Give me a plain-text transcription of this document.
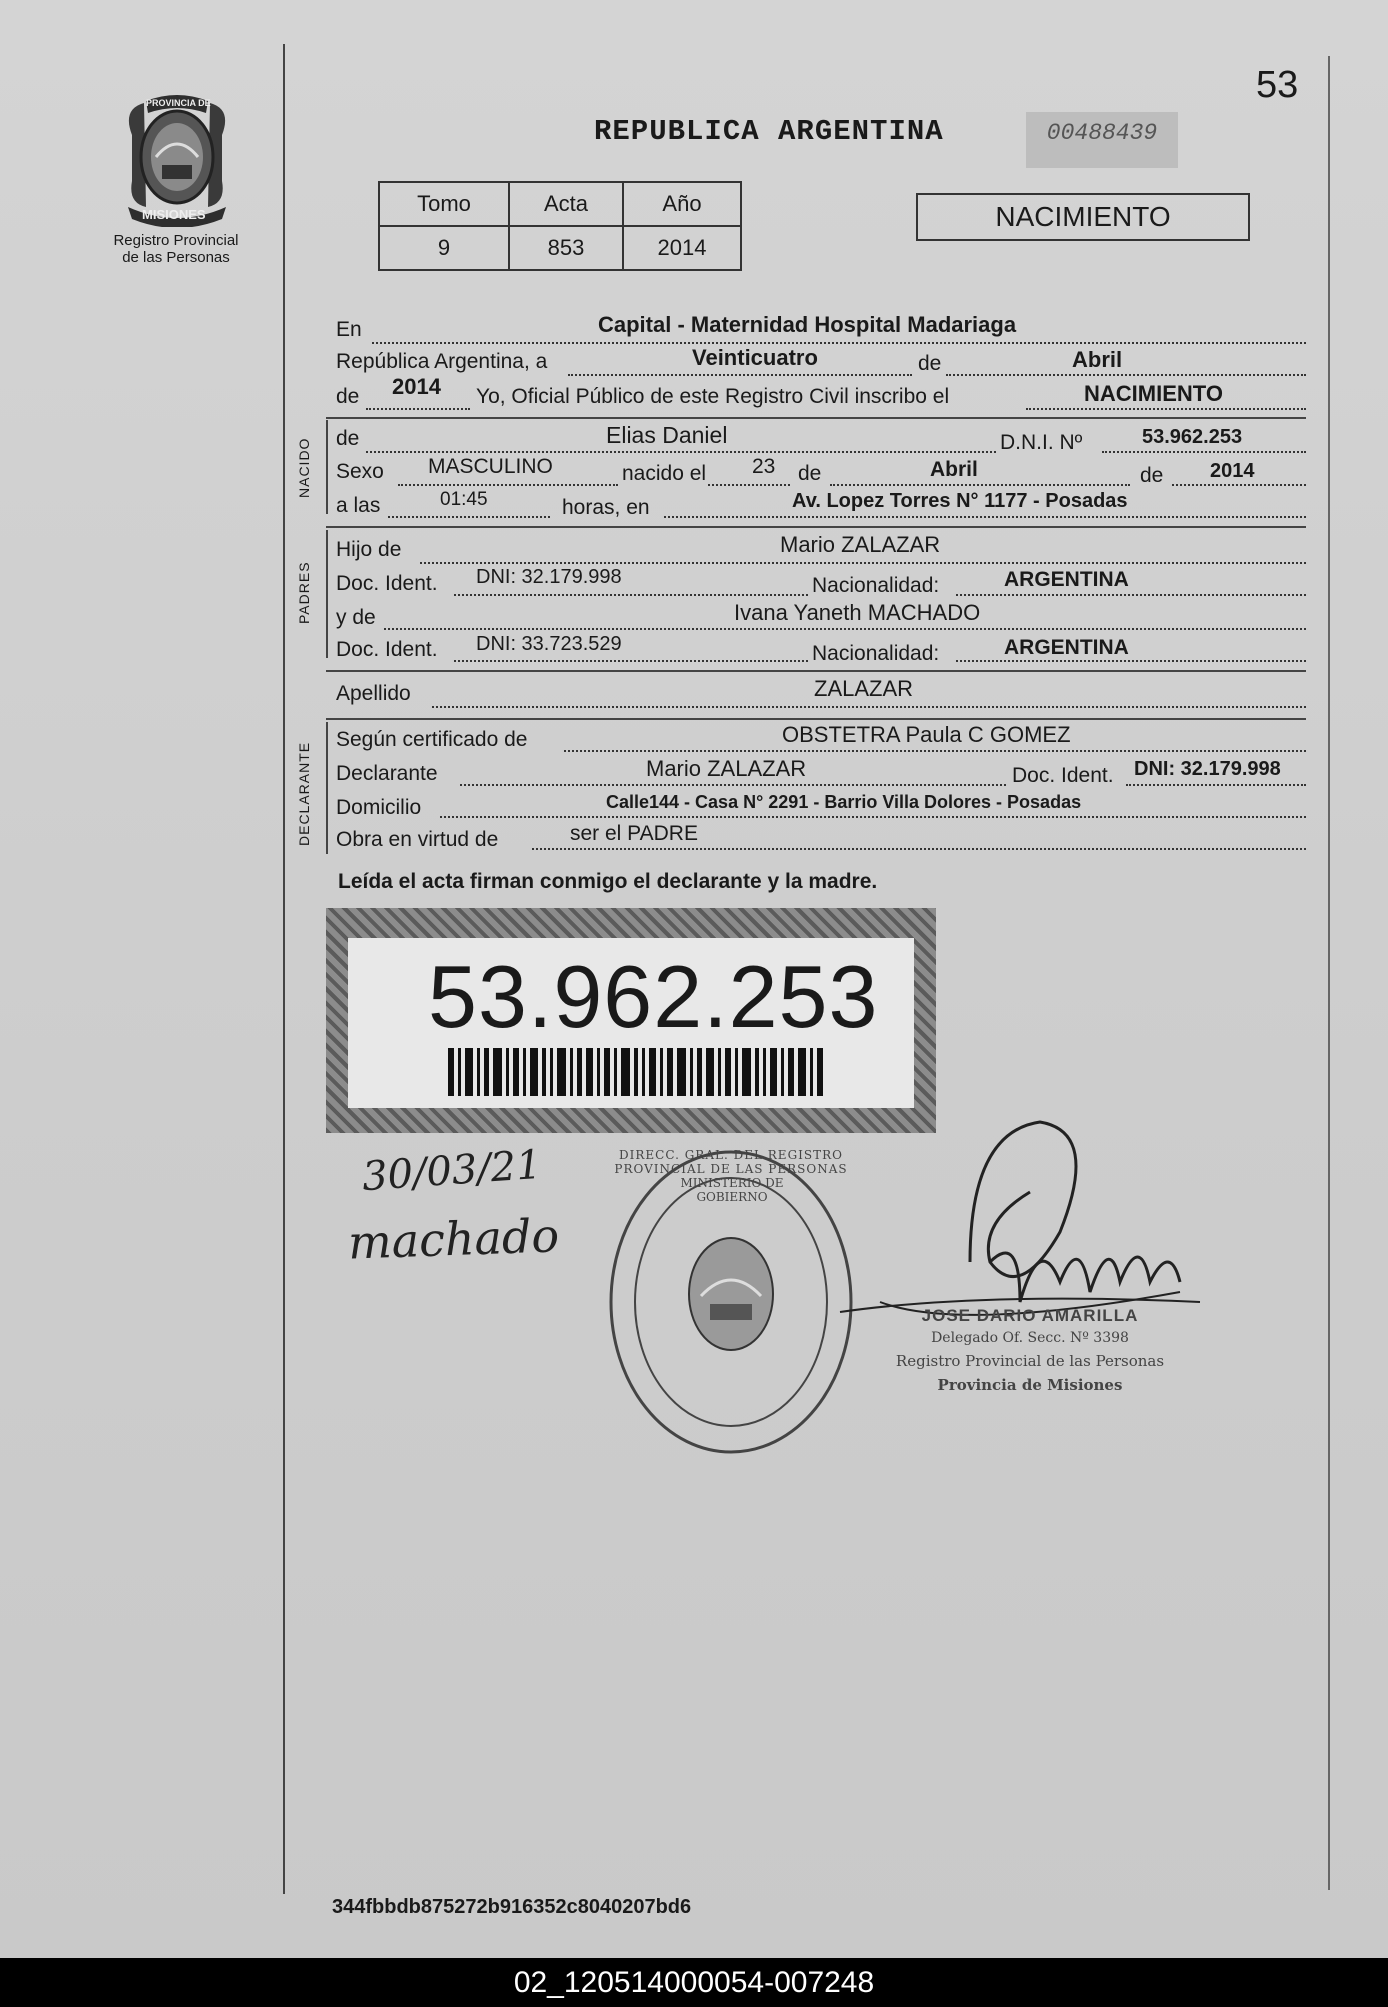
53
PROVINCIA DE
MISIONES
Registro Provincial
de las Personas
REPUBLICA ARGENTINA	00488439
Tomo	Acta	Año
9	853	2014
NACIMIENTO
En	Capital - Maternidad Hospital Madariaga
República Argentina, a	Veinticuatro	de	Abril
de 2014 Yo, Oficial Público de este Registro Civil inscribo el	NACIMIENTO
NACIDO de	Elias Daniel	D.N.I. Nº	53.962.253
Sexo MASCULINO	nacido el 23 de	Abril	de 2014
a las	01:45	horas, en	Av. Lopez Torres N° 1177 - Posadas
PADRES
Hijo de	Mario ZALAZAR
Doc. Ident. DNI: 32.179.998	Nacionalidad:	ARGENTINA
y de	Ivana Yaneth MACHADO
Doc. Ident. DNI: 33.723.529	Nacionalidad:	ARGENTINA
Apellido	ZALAZAR
DECLARANTE
Según certificado de	OBSTETRA Paula C GOMEZ
Declarante	Mario ZALAZAR	Doc. Ident. DNI: 32.179.998
Domicilio	Calle144 - Casa N° 2291 - Barrio Villa Dolores - Posadas
Obra en virtud de	ser el PADRE
Leída el acta firman conmigo el declarante y la madre.
53.962.253
30/03/21
machado
DIRECC. GRAL. DEL REGISTRO PROVINCIAL DE LAS PERSONAS
MINISTERIO DE GOBIERNO
JOSE DARIO AMARILLA
Delegado Of. Secc. Nº 3398
Registro Provincial de las Personas
Provincia de Misiones
344fbbdb875272b916352c8040207bd6
02_120514000054-007248
